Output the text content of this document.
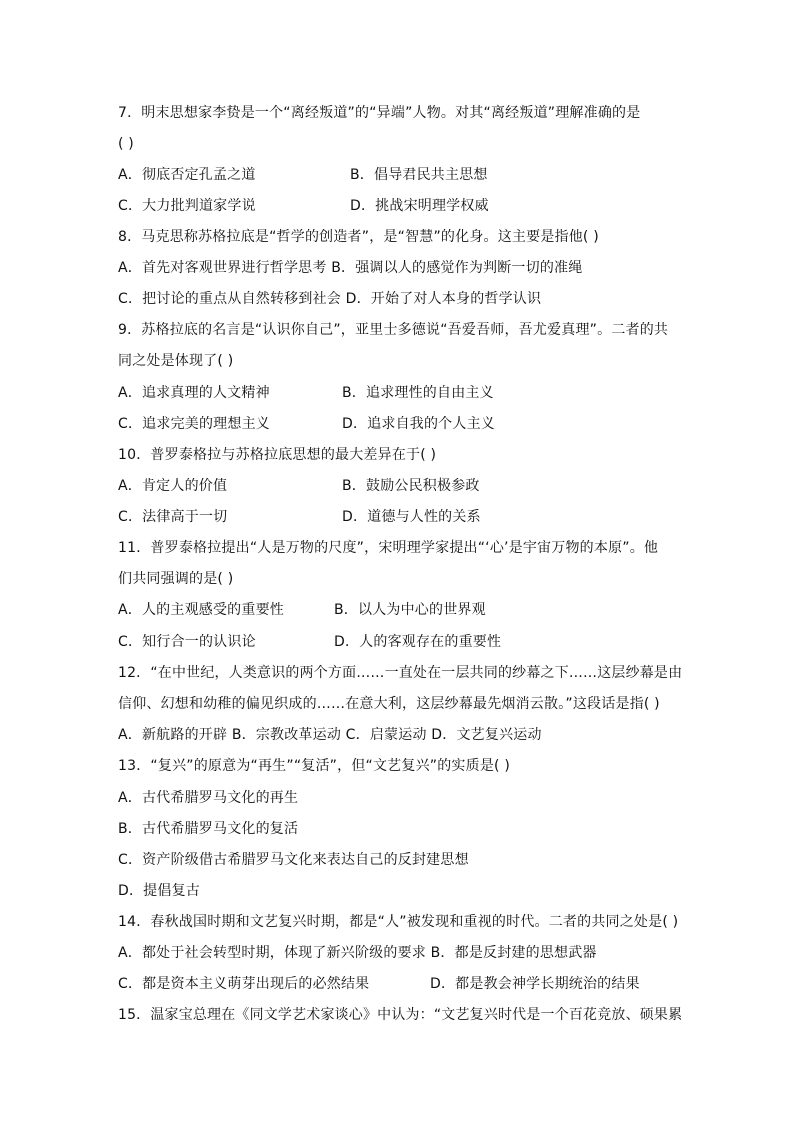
7．明末思想家李贽是一个“离经叛道”的“异端”人物。对其“离经叛道”理解准确的是
( )
A．彻底否定孔孟之道	B．倡导君民共主思想
C．大力批判道家学说	D．挑战宋明理学权威
8．马克思称苏格拉底是“哲学的创造者”，是“智慧”的化身。这主要是指他( )
A．首先对客观世界进行哲学思考 B．强调以人的感觉作为判断一切的准绳
C．把讨论的重点从自然转移到社会 D．开始了对人本身的哲学认识
9．苏格拉底的名言是“认识你自己”，亚里士多德说“吾爱吾师，吾尤爱真理”。二者的共
同之处是体现了( )
A．追求真理的人文精神	B．追求理性的自由主义
C．追求完美的理想主义	D．追求自我的个人主义
10．普罗泰格拉与苏格拉底思想的最大差异在于( )
A．肯定人的价值	B．鼓励公民积极参政
C．法律高于一切	D．道德与人性的关系
11．普罗泰格拉提出“人是万物的尺度”，宋明理学家提出“‘心’是宇宙万物的本原”。他
们共同强调的是( )
A．人的主观感受的重要性	B．以人为中心的世界观
C．知行合一的认识论	D．人的客观存在的重要性
12．“在中世纪，人类意识的两个方面……一直处在一层共同的纱幕之下……这层纱幕是由
信仰、幻想和幼稚的偏见织成的……在意大利，这层纱幕最先烟消云散。”这段话是指( )
A．新航路的开辟 B．宗教改革运动 C．启蒙运动 D．文艺复兴运动
13．“复兴”的原意为“再生”“复活”，但“文艺复兴”的实质是( )
A．古代希腊罗马文化的再生
B．古代希腊罗马文化的复活
C．资产阶级借古希腊罗马文化来表达自己的反封建思想
D．提倡复古
14．春秋战国时期和文艺复兴时期，都是“人”被发现和重视的时代。二者的共同之处是( )
A．都处于社会转型时期，体现了新兴阶级的要求 B．都是反封建的思想武器
C．都是资本主义萌芽出现后的必然结果	D．都是教会神学长期统治的结果
15．温家宝总理在《同文学艺术家谈心》中认为：“文艺复兴时代是一个百花竞放、硕果累
